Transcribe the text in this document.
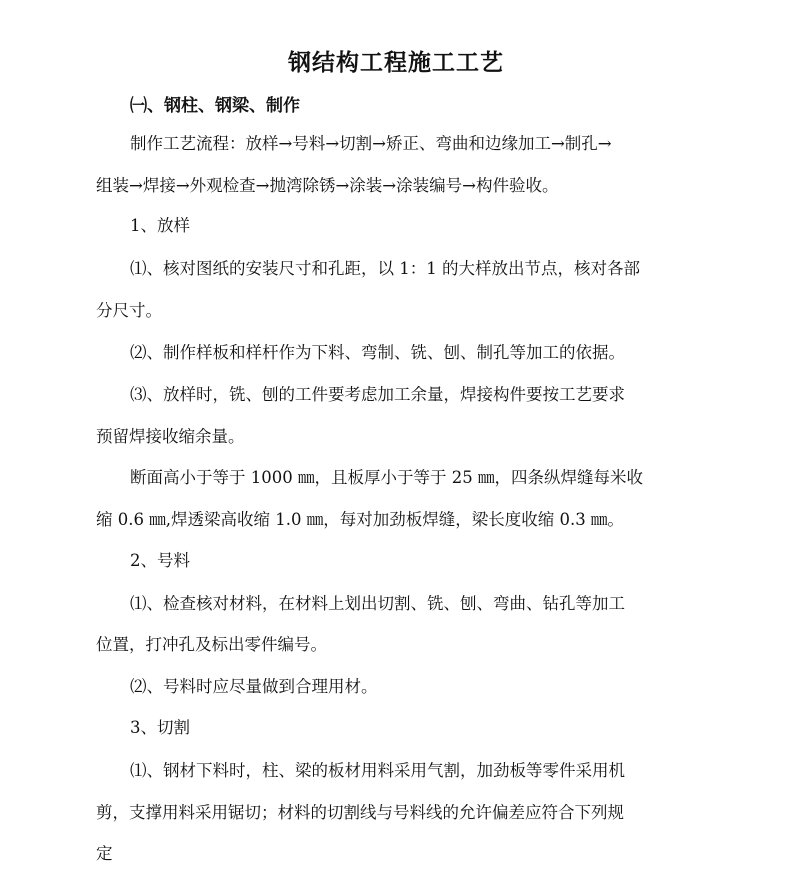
钢结构工程施工工艺
㈠、钢柱、钢梁、制作
制作工艺流程：放样→号料→切割→矫正、弯曲和边缘加工→制孔→
组装→焊接→外观检查→抛湾除锈→涂装→涂装编号→构件验收。
1、放样
⑴、核对图纸的安装尺寸和孔距，以 1：1 的大样放出节点，核对各部
分尺寸。
⑵、制作样板和样杆作为下料、弯制、铣、刨、制孔等加工的依据。
⑶、放样时，铣、刨的工件要考虑加工余量，焊接构件要按工艺要求
预留焊接收缩余量。
断面高小于等于 1000 ㎜，且板厚小于等于 25 ㎜，四条纵焊缝每米收
缩 0.6 ㎜,焊透梁高收缩 1.0 ㎜，每对加劲板焊缝，梁长度收缩 0.3 ㎜。
2、号料
⑴、检查核对材料，在材料上划出切割、铣、刨、弯曲、钻孔等加工
位置，打冲孔及标出零件编号。
⑵、号料时应尽量做到合理用材。
3、切割
⑴、钢材下料时，柱、梁的板材用料采用气割，加劲板等零件采用机
剪，支撑用料采用锯切；材料的切割线与号料线的允许偏差应符合下列规
定
